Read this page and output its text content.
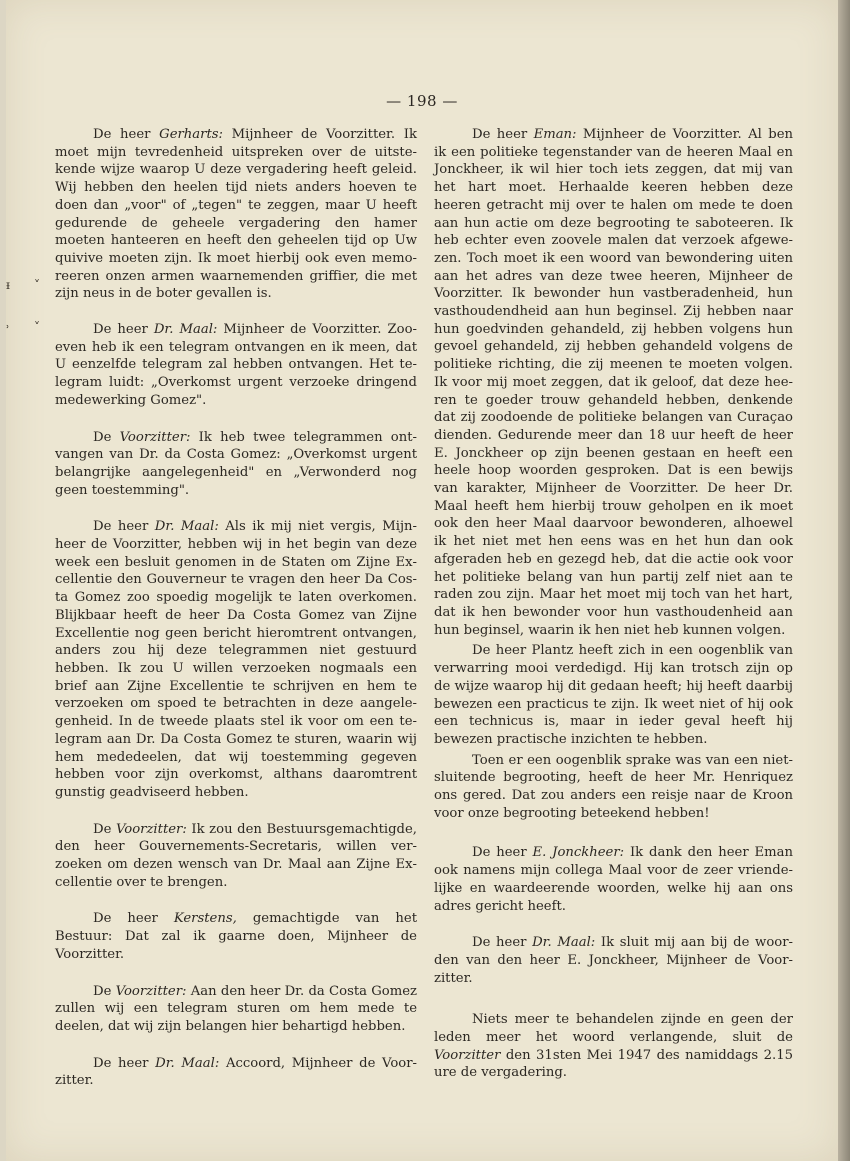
— 198 —
ᵻ ˅
˒ ˅

De heer Gerharts: Mijnheer de Voorzitter. Ik moet mijn tevredenheid uitspreken over de uitstekende wijze waarop U deze vergadering heeft geleid. Wij hebben den heelen tijd niets anders hoeven te doen dan „voor" of „tegen" te zeggen, maar U heeft gedurende de geheele vergadering den hamer moeten hanteeren en heeft den geheelen tijd op Uw quivive moeten zijn. Ik moet hierbij ook even memoreeren onzen armen waarnemenden griffier, die met zijn neus in de boter gevallen is.

De heer Dr. Maal: Mijnheer de Voorzitter. Zooeven heb ik een telegram ontvangen en ik meen, dat U eenzelfde telegram zal hebben ontvangen. Het telegram luidt: „Overkomst urgent verzoeke dringend medewerking Gomez".

De Voorzitter: Ik heb twee telegrammen ontvangen van Dr. da Costa Gomez: „Overkomst urgent belangrijke aangelegenheid" en „Verwonderd nog geen toestemming".

De heer Dr. Maal: Als ik mij niet vergis, Mijnheer de Voorzitter, hebben wij in het begin van deze week een besluit genomen in de Staten om Zijne Excellentie den Gouverneur te vragen den heer Da Costa Gomez zoo spoedig mogelijk te laten overkomen. Blijkbaar heeft de heer Da Costa Gomez van Zijne Excellentie nog geen bericht hieromtrent ontvangen, anders zou hij deze telegrammen niet gestuurd hebben. Ik zou U willen verzoeken nogmaals een brief aan Zijne Excellentie te schrijven en hem te verzoeken om spoed te betrachten in deze aangelegenheid. In de tweede plaats stel ik voor om een telegram aan Dr. Da Costa Gomez te sturen, waarin wij hem mededeelen, dat wij toestemming gegeven hebben voor zijn overkomst, althans daaromtrent gunstig geadviseerd hebben.

De Voorzitter: Ik zou den Bestuursgemachtigde, den heer Gouvernements-Secretaris, willen verzoeken om dezen wensch van Dr. Maal aan Zijne Excellentie over te brengen.

De heer Kerstens, gemachtigde van het Bestuur: Dat zal ik gaarne doen, Mijnheer de Voorzitter.

De Voorzitter: Aan den heer Dr. da Costa Gomez zullen wij een telegram sturen om hem mede te deelen, dat wij zijn belangen hier behartigd hebben.

De heer Dr. Maal: Accoord, Mijnheer de Voorzitter.

De heer Eman: Mijnheer de Voorzitter. Al ben ik een politieke tegenstander van de heeren Maal en Jonckheer, ik wil hier toch iets zeggen, dat mij van het hart moet. Herhaalde keeren hebben deze heeren getracht mij over te halen om mede te doen aan hun actie om deze begrooting te saboteeren. Ik heb echter even zoovele malen dat verzoek afgewezen. Toch moet ik een woord van bewondering uiten aan het adres van deze twee heeren, Mijnheer de Voorzitter. Ik bewonder hun vastberadenheid, hun vasthoudendheid aan hun beginsel. Zij hebben naar hun goedvinden gehandeld, zij hebben volgens hun gevoel gehandeld, zij hebben gehandeld volgens de politieke richting, die zij meenen te moeten volgen. Ik voor mij moet zeggen, dat ik geloof, dat deze heeren te goeder trouw gehandeld hebben, denkende dat zij zoodoende de politieke belangen van Curaçao dienden. Gedurende meer dan 18 uur heeft de heer E. Jonckheer op zijn beenen gestaan en heeft een heele hoop woorden gesproken. Dat is een bewijs van karakter, Mijnheer de Voorzitter. De heer Dr. Maal heeft hem hierbij trouw geholpen en ik moet ook den heer Maal daarvoor bewonderen, alhoewel ik het niet met hen eens was en het hun dan ook afgeraden heb en gezegd heb, dat die actie ook voor het politieke belang van hun partij zelf niet aan te raden zou zijn. Maar het moet mij toch van het hart, dat ik hen bewonder voor hun vasthoudenheid aan hun beginsel, waarin ik hen niet heb kunnen volgen.

De heer Plantz heeft zich in een oogenblik van verwarring mooi verdedigd. Hij kan trotsch zijn op de wijze waarop hij dit gedaan heeft; hij heeft daarbij bewezen een practicus te zijn. Ik weet niet of hij ook een technicus is, maar in ieder geval heeft hij bewezen practische inzichten te hebben.

Toen er een oogenblik sprake was van een nietsluitende begrooting, heeft de heer Mr. Henriquez ons gered. Dat zou anders een reisje naar de Kroon voor onze begrooting beteekend hebben!

De heer E. Jonckheer: Ik dank den heer Eman ook namens mijn collega Maal voor de zeer vriendelijke en waardeerende woorden, welke hij aan ons adres gericht heeft.

De heer Dr. Maal: Ik sluit mij aan bij de woorden van den heer E. Jonckheer, Mijnheer de Voorzitter.

Niets meer te behandelen zijnde en geen der leden meer het woord verlangende, sluit de Voorzitter den 31sten Mei 1947 des namiddags 2.15 ure de vergadering.
